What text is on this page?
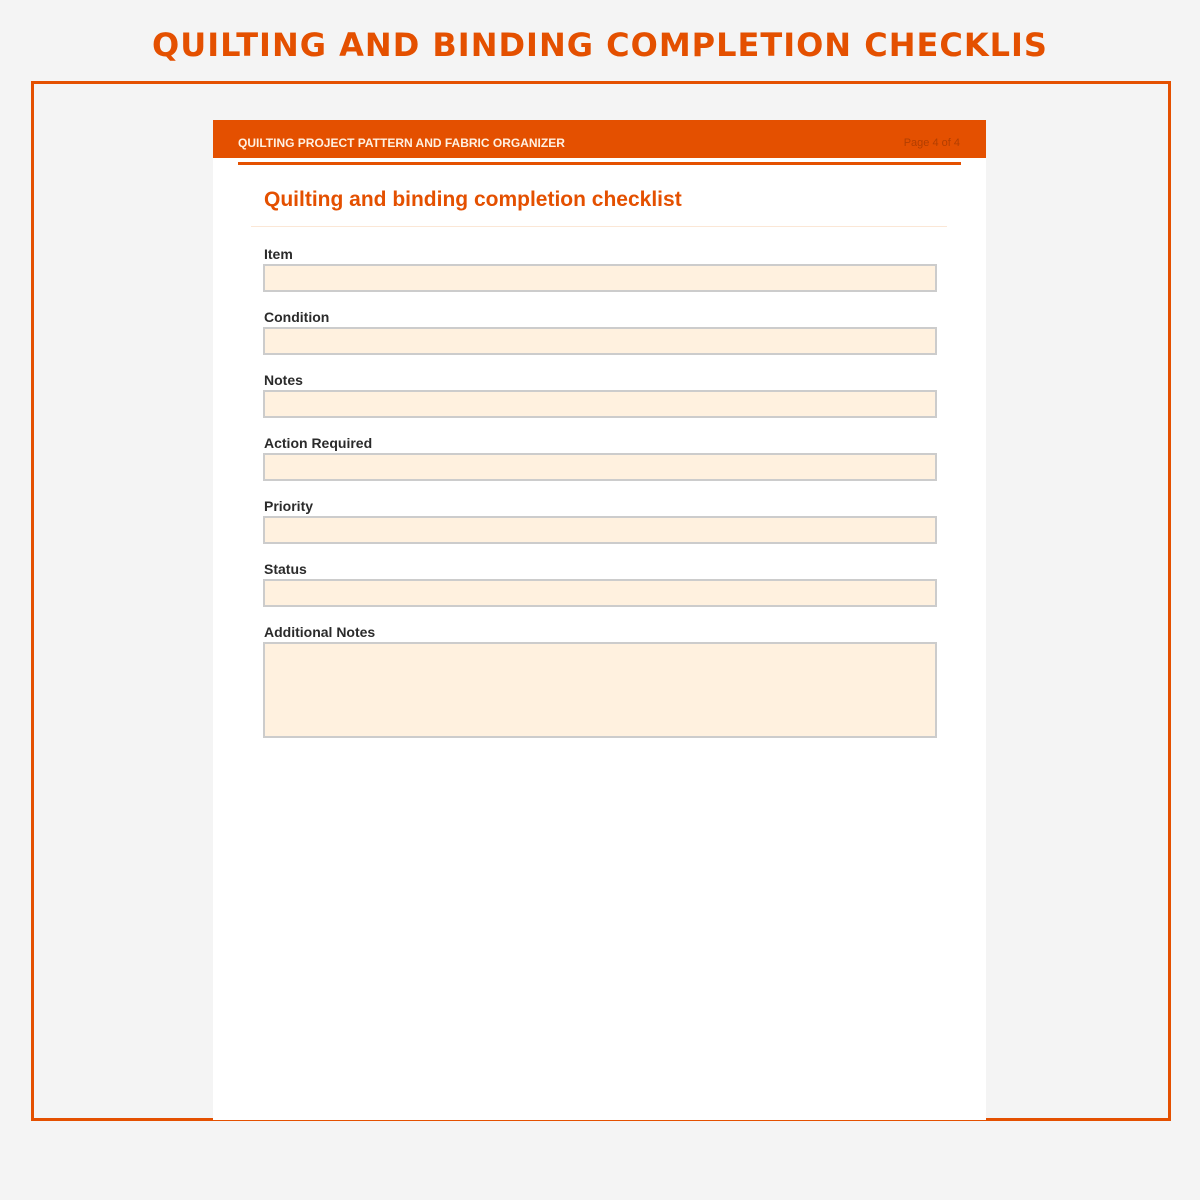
QUILTING AND BINDING COMPLETION CHECKLIS
QUILTING PROJECT PATTERN AND FABRIC ORGANIZER	Page 4 of 4
Quilting and binding completion checklist
Item
Condition
Notes
Action Required
Priority
Status
Additional Notes
